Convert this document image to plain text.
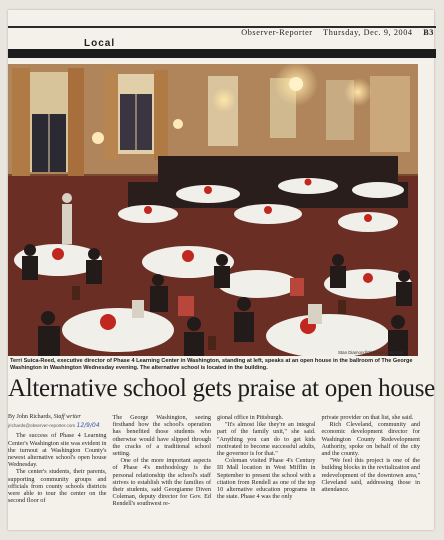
Observer-Reporter Thursday, Dec. 9, 2004 B3
Local
Stan Diamond/Observer-Reporter
Terri Suica-Reed, executive director of Phase 4 Learning Center in Washington, standing at left, speaks at an open house in the ballroom of The George Washington in Washington Wednesday evening. The alternative school is located in the building.
Alternative school gets praise at open house
By John Richards, Staff writer
jrichards@observer-reporter.com 12/9/04

The success of Phase 4 Learning Center's Washington site was evident in the turnout at Washington County's newest alternative school's open house Wednesday.

The center's students, their parents, supporting community groups and officials from county schools districts were able to tour the center on the second floor of

The George Washington, seeing firsthand how the school's operation has benefited those students who otherwise would have slipped through the cracks of a traditional school setting.

One of the more important aspects of Phase 4's methodology is the personal relationship the school's staff strives to establish with the families of their students, said Georgianne Diven Coleman, deputy director for Gov. Ed Rendell's southwest re-

gional office in Pittsburgh.

"It's almost like they're an integral part of the family unit," she said. "Anything you can do to get kids motivated to become successful adults, the governor is for that."

Coleman visited Phase 4's Century III Mall location in West Mifflin in September to present the school with a citation from Rendell as one of the top 10 alternative education programs in the state. Phase 4 was the only

private provider on that list, she said.

Rich Cleveland, community and economic development director for Washington County Redevelopment Authority, spoke on behalf of the city and the county.

"We feel this project is one of the building blocks in the revitalization and redevelopment of the downtown area," Cleveland said, addressing those in attendance.
